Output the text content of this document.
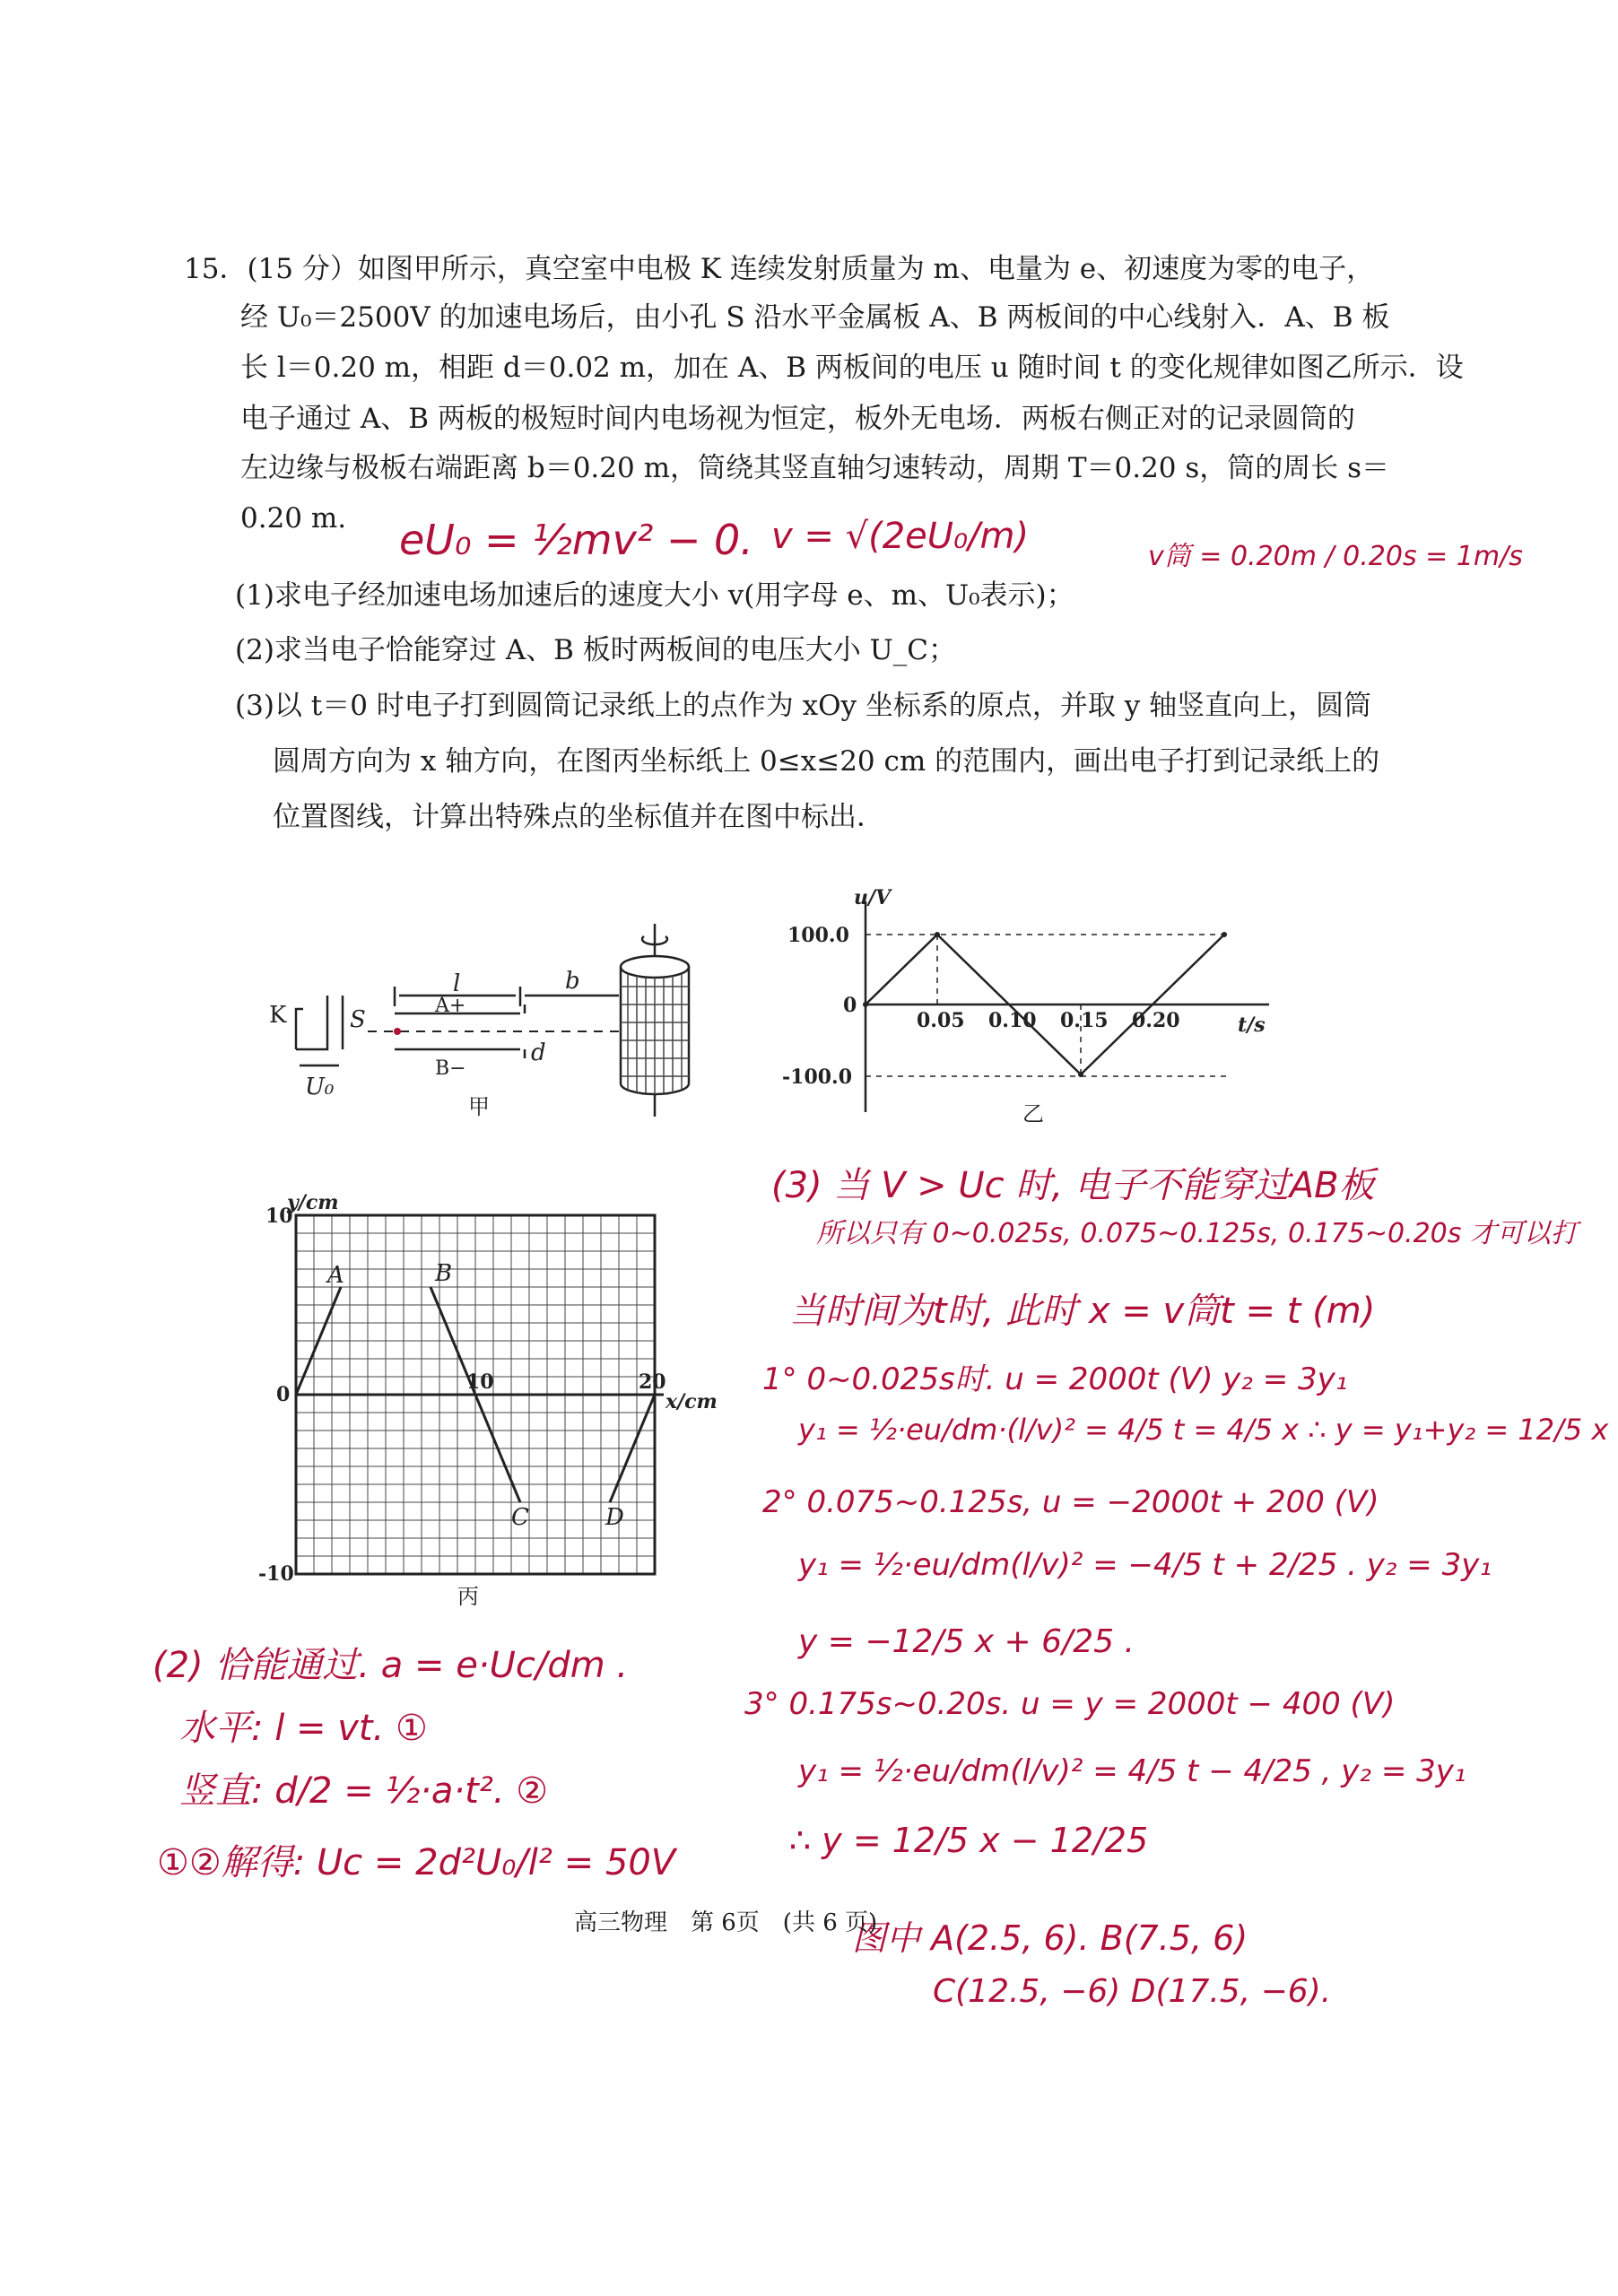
15．(15 分）如图甲所示，真空室中电极 K 连续发射质量为 m、电量为 e、初速度为零的电子，
经 U₀＝2500V 的加速电场后，由小孔 S 沿水平金属板 A、B 两板间的中心线射入．A、B 板
长 l＝0.20 m，相距 d＝0.02 m，加在 A、B 两板间的电压 u 随时间 t 的变化规律如图乙所示．设
电子通过 A、B 两板的极短时间内电场视为恒定，板外无电场．两板右侧正对的记录圆筒的
左边缘与极板右端距离 b＝0.20 m，筒绕其竖直轴匀速转动，周期 T＝0.20 s，筒的周长 s＝
0.20 m.
(1)求电子经加速电场加速后的速度大小 v(用字母 e、m、U₀表示)；
(2)求当电子恰能穿过 A、B 板时两板间的电压大小 U_C；
(3)以 t＝0 时电子打到圆筒记录纸上的点作为 xOy 坐标系的原点，并取 y 轴竖直向上，圆筒
圆周方向为 x 轴方向，在图丙坐标纸上 0≤x≤20 cm 的范围内，画出电子打到记录纸上的
位置图线，计算出特殊点的坐标值并在图中标出．
K	S
U₀
l	b
A+
B−
d
甲
u/V
t/s
100.0
0
-100.0
0.05 0.10 0.15 0.20
乙
y/cm
x/cm
10
0
-10
10	20
丙
A	B
C	D
eU₀ = ½mv² − 0. v = √(2eU₀/m)	v筒 = 0.20m / 0.20s = 1m/s
(2) 恰能通过. a = e·Uc/dm .
水平: l = vt. ①
竖直: d/2 = ½·a·t². ②
①②解得: Uc = 2d²U₀/l² = 50V
(3) 当 V > Uc 时, 电子不能穿过AB板
所以只有 0~0.025s, 0.075~0.125s, 0.175~0.20s 才可以打
当时间为t时, 此时 x = v筒t = t (m)
1° 0~0.025s时. u = 2000t (V) y₂ = 3y₁
y₁ = ½·eu/dm·(l/v)² = 4/5 t = 4/5 x ∴ y = y₁+y₂ = 12/5 x
2° 0.075~0.125s, u = −2000t + 200 (V)
y₁ = ½·eu/dm(l/v)² = −4/5 t + 2/25 . y₂ = 3y₁
y = −12/5 x + 6/25 .
3° 0.175s~0.20s. u = y = 2000t − 400 (V)
y₁ = ½·eu/dm(l/v)² = 4/5 t − 4/25 , y₂ = 3y₁
∴ y = 12/5 x − 12/25
图中 A(2.5, 6). B(7.5, 6)
C(12.5, −6) D(17.5, −6).
高三物理　第 6页　(共 6 页)
